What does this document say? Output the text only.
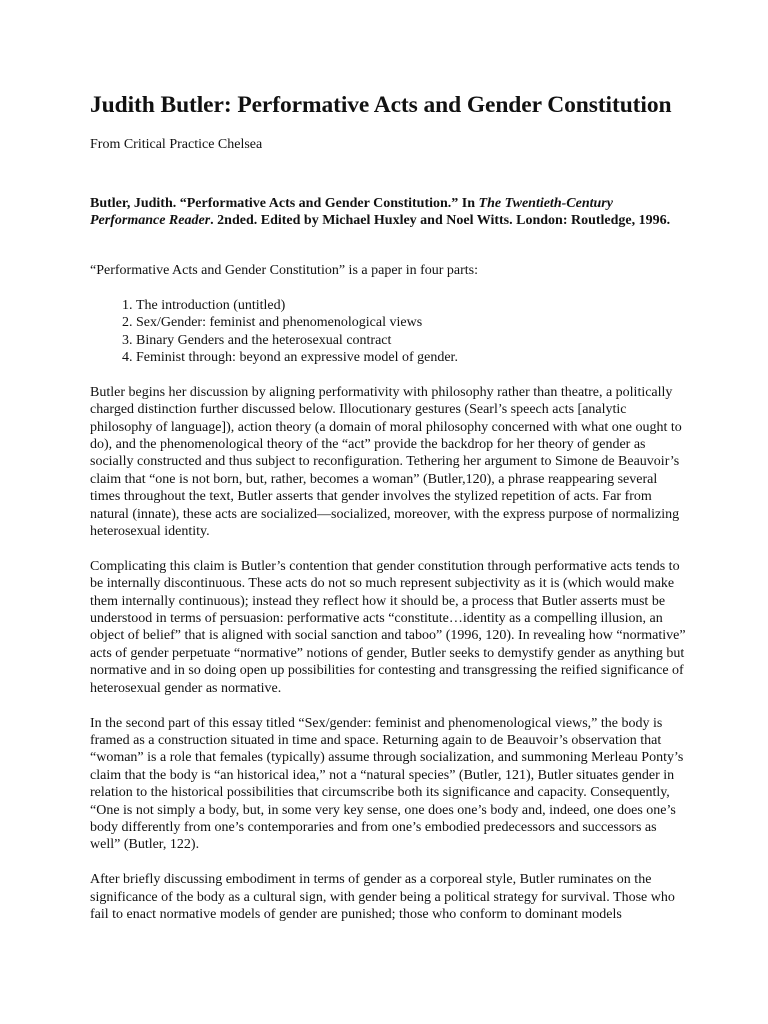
Judith Butler: Performative Acts and Gender Constitution

From Critical Practice Chelsea

Butler, Judith. “Performative Acts and Gender Constitution.” In The Twentieth-Century Performance Reader. 2nded. Edited by Michael Huxley and Noel Witts. London: Routledge, 1996.

“Performative Acts and Gender Constitution” is a paper in four parts:

1. The introduction (untitled)
2. Sex/Gender: feminist and phenomenological views
3. Binary Genders and the heterosexual contract
4. Feminist through: beyond an expressive model of gender.

Butler begins her discussion by aligning performativity with philosophy rather than theatre, a politically charged distinction further discussed below. Illocutionary gestures (Searl’s speech acts [analytic philosophy of language]), action theory (a domain of moral philosophy concerned with what one ought to do), and the phenomenological theory of the “act” provide the backdrop for her theory of gender as socially constructed and thus subject to reconfiguration. Tethering her argument to Simone de Beauvoir’s claim that “one is not born, but, rather, becomes a woman” (Butler,120), a phrase reappearing several times throughout the text, Butler asserts that gender involves the stylized repetition of acts. Far from natural (innate), these acts are socialized—socialized, moreover, with the express purpose of normalizing heterosexual identity.

Complicating this claim is Butler’s contention that gender constitution through performative acts tends to be internally discontinuous. These acts do not so much represent subjectivity as it is (which would make them internally continuous); instead they reflect how it should be, a process that Butler asserts must be understood in terms of persuasion: performative acts “constitute…identity as a compelling illusion, an object of belief” that is aligned with social sanction and taboo” (1996, 120). In revealing how “normative” acts of gender perpetuate “normative” notions of gender, Butler seeks to demystify gender as anything but normative and in so doing open up possibilities for contesting and transgressing the reified significance of heterosexual gender as normative.

In the second part of this essay titled “Sex/gender: feminist and phenomenological views,” the body is framed as a construction situated in time and space. Returning again to de Beauvoir’s observation that “woman” is a role that females (typically) assume through socialization, and summoning Merleau Ponty’s claim that the body is “an historical idea,” not a “natural species” (Butler, 121), Butler situates gender in relation to the historical possibilities that circumscribe both its significance and capacity. Consequently, “One is not simply a body, but, in some very key sense, one does one’s body and, indeed, one does one’s body differently from one’s contemporaries and from one’s embodied predecessors and successors as well” (Butler, 122).

After briefly discussing embodiment in terms of gender as a corporeal style, Butler ruminates on the significance of the body as a cultural sign, with gender being a political strategy for survival. Those who fail to enact normative models of gender are punished; those who conform to dominant models
